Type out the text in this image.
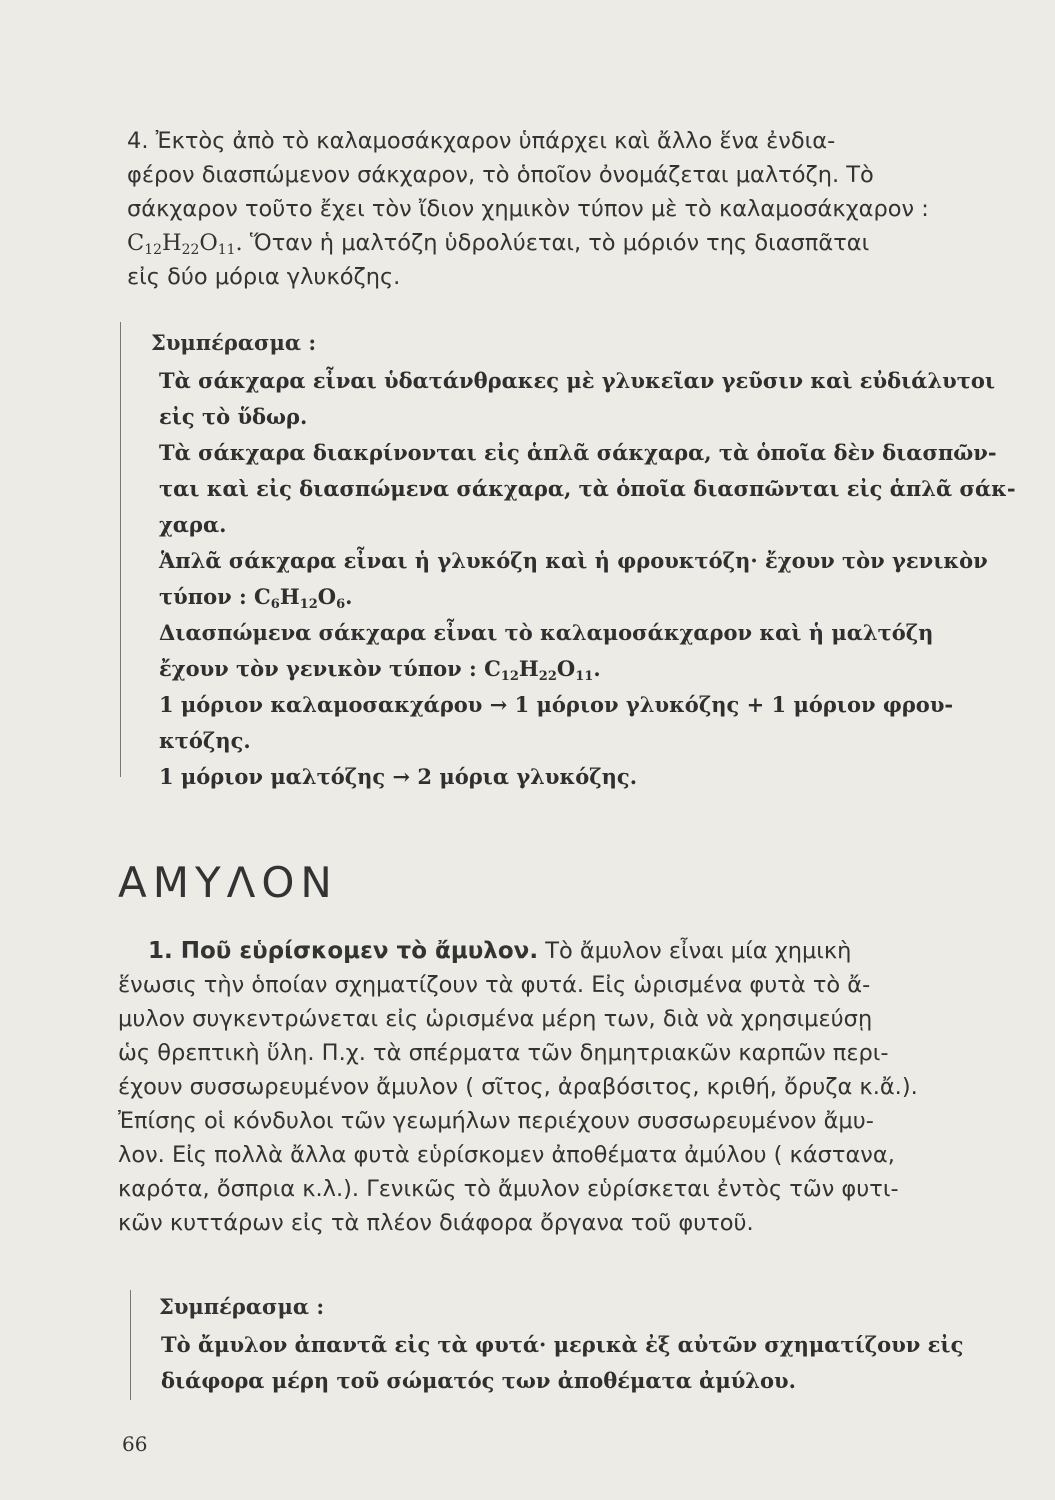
4. Ἐκτὸς ἀπὸ τὸ καλαμοσάκχαρον ὑπάρχει καὶ ἄλλο ἕνα ἐνδια-

φέρον διασπώμενον σάκχαρον, τὸ ὁποῖον ὀνομάζεται μαλτόζη. Τὸ

σάκχαρον τοῦτο ἔχει τὸν ἴδιον χημικὸν τύπον μὲ τὸ καλαμοσάκχαρον :

$C_{12}H_{22}O_{11}$. Ὅταν ἡ μαλτόζη ὑδρολύεται, τὸ μόριόν της διασπᾶται

εἰς δύο μόρια γλυκόζης.

Συμπέρασμα :
Τὰ σάκχαρα εἶναι ὑδατάνθρακες μὲ γλυκεῖαν γεῦσιν καὶ εὐδιάλυτοι
εἰς τὸ ὕδωρ.
Τὰ σάκχαρα διακρίνονται εἰς ἁπλᾶ σάκχαρα, τὰ ὁποῖα δὲν διασπῶν-
ται καὶ εἰς διασπώμενα σάκχαρα, τὰ ὁποῖα διασπῶνται εἰς ἁπλᾶ σάκ-
χαρα.
Ἁπλᾶ σάκχαρα εἶναι ἡ γλυκόζη καὶ ἡ φρουκτόζη· ἔχουν τὸν γενικὸν
τύπον : $C_6H_{12}O_6$.
Διασπώμενα σάκχαρα εἶναι τὸ καλαμοσάκχαρον καὶ ἡ μαλτόζη
ἔχουν τὸν γενικὸν τύπον : $C_{12}H_{22}O_{11}$.
1 μόριον καλαμοσακχάρου → 1 μόριον γλυκόζης + 1 μόριον φρου-
κτόζης.
1 μόριον μαλτόζης → 2 μόρια γλυκόζης.
ΑΜΥΛΟΝ

1. Ποῦ εὑρίσκομεν τὸ ἄμυλον. Τὸ ἄμυλον εἶναι μία χημικὴ

ἕνωσις τὴν ὁποίαν σχηματίζουν τὰ φυτά. Εἰς ὡρισμένα φυτὰ τὸ ἄ-

μυλον συγκεντρώνεται εἰς ὡρισμένα μέρη των, διὰ νὰ χρησιμεύσῃ

ὡς θρεπτικὴ ὕλη. Π.χ. τὰ σπέρματα τῶν δημητριακῶν καρπῶν περι-

έχουν συσσωρευμένον ἄμυλον ( σῖτος, ἀραβόσιτος, κριθή, ὄρυζα κ.ἄ.).

Ἐπίσης οἱ κόνδυλοι τῶν γεωμήλων περιέχουν συσσωρευμένον ἄμυ-

λον. Εἰς πολλὰ ἄλλα φυτὰ εὑρίσκομεν ἀποθέματα ἀμύλου ( κάστανα,

καρότα, ὄσπρια κ.λ.). Γενικῶς τὸ ἄμυλον εὑρίσκεται ἐντὸς τῶν φυτι-

κῶν κυττάρων εἰς τὰ πλέον διάφορα ὄργανα τοῦ φυτοῦ.

Συμπέρασμα :
Τὸ ἄμυλον ἀπαντᾶ εἰς τὰ φυτά· μερικὰ ἐξ αὐτῶν σχηματίζουν εἰς
διάφορα μέρη τοῦ σώματός των ἀποθέματα ἀμύλου.
66
